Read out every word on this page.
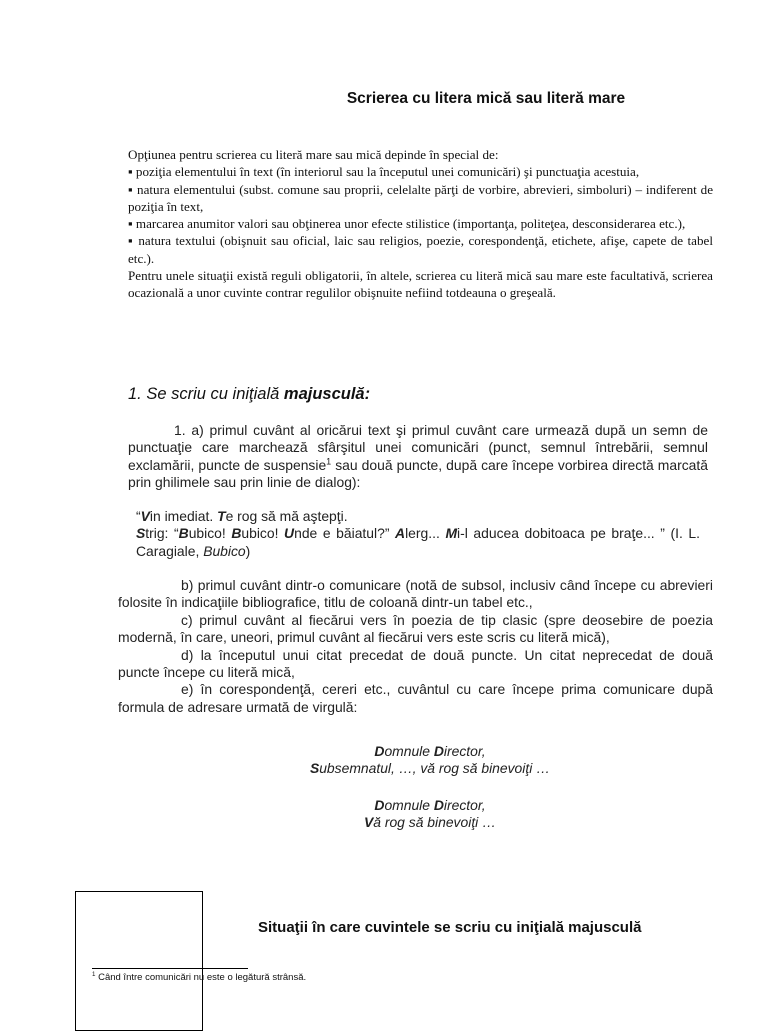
Scrierea cu litera mică sau literă mare

Opţiunea pentru scrierea cu literă mare sau mică depinde în special de:

▪ poziţia elementului în text (în interiorul sau la începutul unei comunicări) şi punctuaţia acestuia,

▪ natura elementului (subst. comune sau proprii, celelalte părţi de vorbire, abrevieri, simboluri) – indiferent de poziţia în text,

▪ marcarea anumitor valori sau obţinerea unor efecte stilistice (importanţa, politeţea, desconsiderarea etc.),

▪ natura textului (obişnuit sau oficial, laic sau religios, poezie, corespondenţă, etichete, afişe, capete de tabel etc.).

Pentru unele situaţii există reguli obligatorii, în altele, scrierea cu literă mică sau mare este facultativă, scrierea ocazională a unor cuvinte contrar regulilor obişnuite nefiind totdeauna o greşeală.

1. Se scriu cu iniţială majusculă:
1. a) primul cuvânt al oricărui text şi primul cuvânt care urmează după un semn de punctuaţie care marchează sfârşitul unei comunicări (punct, semnul întrebării, semnul exclamării, puncte de suspensie$^1$ sau două puncte, după care începe vorbirea directă marcată prin ghilimele sau prin linie de dialog):

“Vin imediat. Te rog să mă aştepţi.

Strig: “Bubico! Bubico! Unde e băiatul?” Alerg... Mi-l aducea dobitoaca pe braţe... ” (I. L. Caragiale, Bubico)

b) primul cuvânt dintr-o comunicare (notă de subsol, inclusiv când începe cu abrevieri folosite în indicaţiile bibliografice, titlu de coloană dintr-un tabel etc.,

c) primul cuvânt al fiecărui vers în poezia de tip clasic (spre deosebire de poezia modernă, în care, uneori, primul cuvânt al fiecărui vers este scris cu literă mică),

d) la începutul unui citat precedat de două puncte. Un citat neprecedat de două puncte începe cu literă mică,

e) în corespondenţă, cereri etc., cuvântul cu care începe prima comunicare după formula de adresare urmată de virgulă:

Domnule Director,

Subsemnatul, …, vă rog să binevoiţi …

Domnule Director,

Vă rog să binevoiţi …

Situaţii în care cuvintele se scriu cu iniţială majusculă
$^1$ Când între comunicări nu este o legătură strânsă.
